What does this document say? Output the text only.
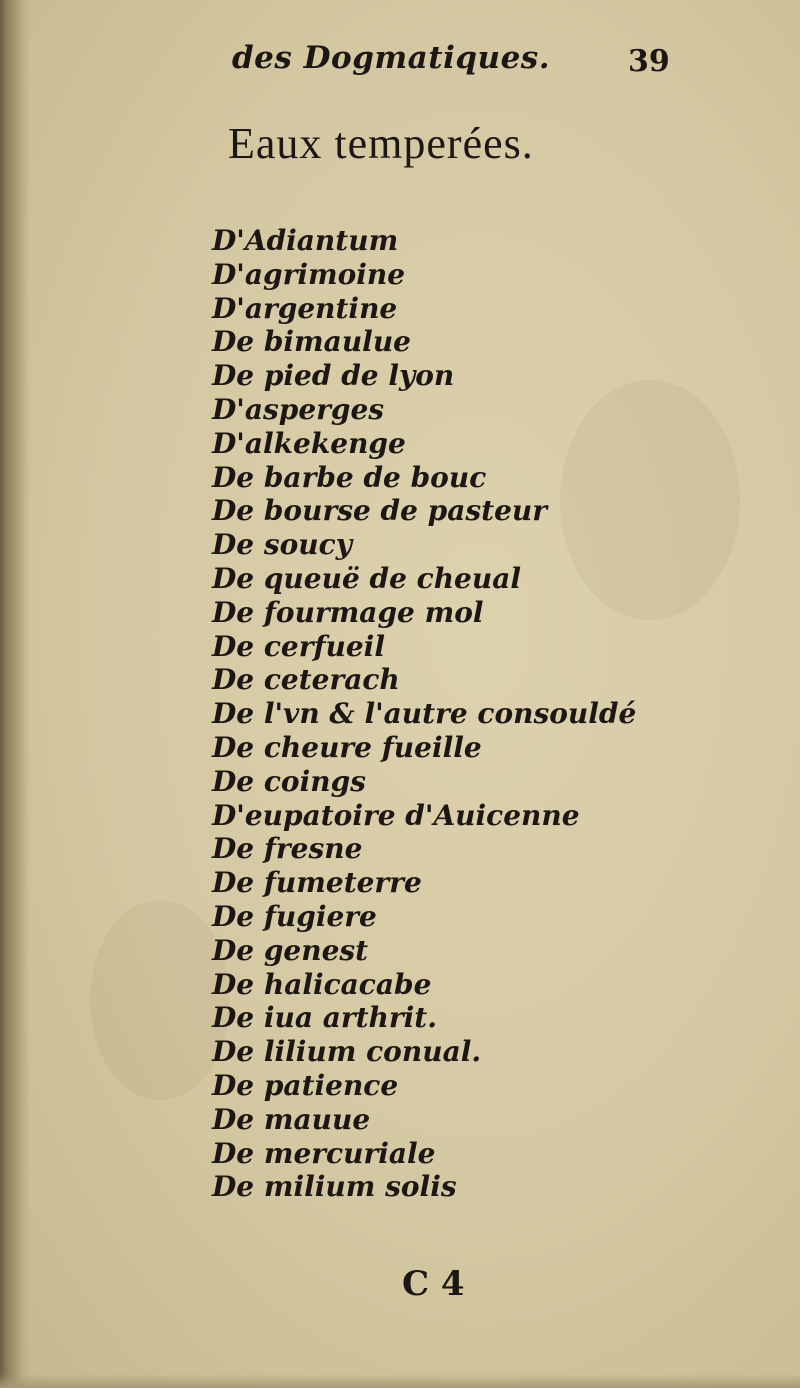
des Dogmatiques.	39
Eaux temperées.
D'Adiantum
D'agrimoine
D'argentine
De bimaulue
De pied de lyon
D'asperges
D'alkekenge
De barbe de bouc
De bourse de pasteur
De soucy
De queuë de cheual
De fourmage mol
De cerfueil
De ceterach
De l'vn & l'autre consouldé
De cheure fueille
De coings
D'eupatoire d'Auicenne
De fresne
De fumeterre
De fugiere
De genest
De halicacabe
De iua arthrit.
De lilium conual.
De patience
De mauue
De mercuriale
De milium solis
C 4
